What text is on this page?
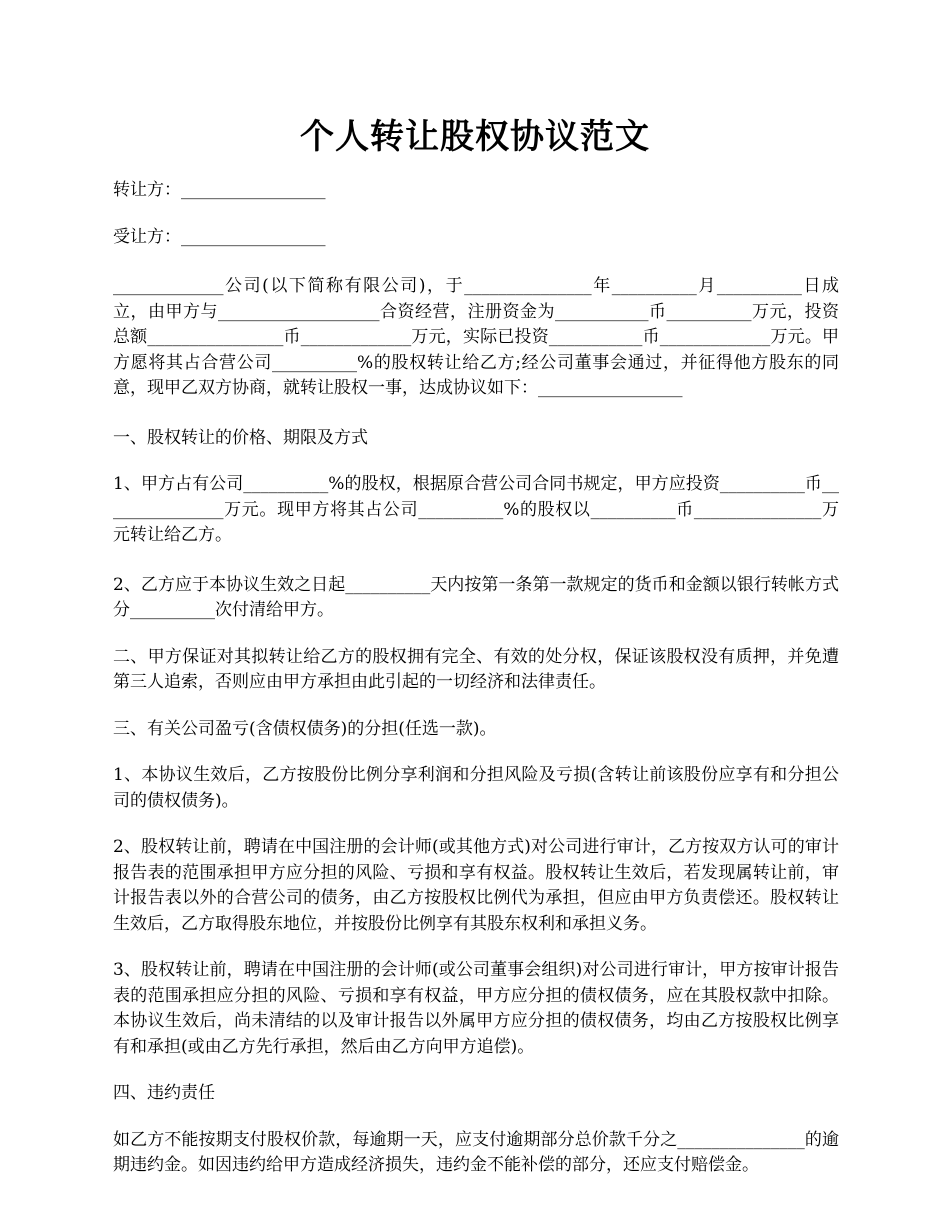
个人转让股权协议范文

转让方：_________________

受让方：_________________

_____________公司(以下简称有限公司)，于_______________年__________月__________日成立，由甲方与___________________合资经营，注册资金为___________币__________万元，投资总额________________币_____________万元，实际已投资___________币_____________万元。甲方愿将其占合营公司__________%的股权转让给乙方;经公司董事会通过，并征得他方股东的同意，现甲乙双方协商，就转让股权一事，达成协议如下：_________________

一、股权转让的价格、期限及方式

1、甲方占有公司__________%的股权，根据原合营公司合同书规定，甲方应投资__________币_______________万元。现甲方将其占公司__________%的股权以__________币_______________万元转让给乙方。

2、乙方应于本协议生效之日起__________天内按第一条第一款规定的货币和金额以银行转帐方式分__________次付清给甲方。

二、甲方保证对其拟转让给乙方的股权拥有完全、有效的处分权，保证该股权没有质押，并免遭第三人追索，否则应由甲方承担由此引起的一切经济和法律责任。

三、有关公司盈亏(含债权债务)的分担(任选一款)。

1、本协议生效后，乙方按股份比例分享利润和分担风险及亏损(含转让前该股份应享有和分担公司的债权债务)。

2、股权转让前，聘请在中国注册的会计师(或其他方式)对公司进行审计，乙方按双方认可的审计报告表的范围承担甲方应分担的风险、亏损和享有权益。股权转让生效后，若发现属转让前，审计报告表以外的合营公司的债务，由乙方按股权比例代为承担，但应由甲方负责偿还。股权转让生效后，乙方取得股东地位，并按股份比例享有其股东权利和承担义务。

3、股权转让前，聘请在中国注册的会计师(或公司董事会组织)对公司进行审计，甲方按审计报告表的范围承担应分担的风险、亏损和享有权益，甲方应分担的债权债务，应在其股权款中扣除。本协议生效后，尚未清结的以及审计报告以外属甲方应分担的债权债务，均由乙方按股权比例享有和承担(或由乙方先行承担，然后由乙方向甲方追偿)。

四、违约责任

如乙方不能按期支付股权价款，每逾期一天，应支付逾期部分总价款千分之_______________的逾期违约金。如因违约给甲方造成经济损失，违约金不能补偿的部分，还应支付赔偿金。
